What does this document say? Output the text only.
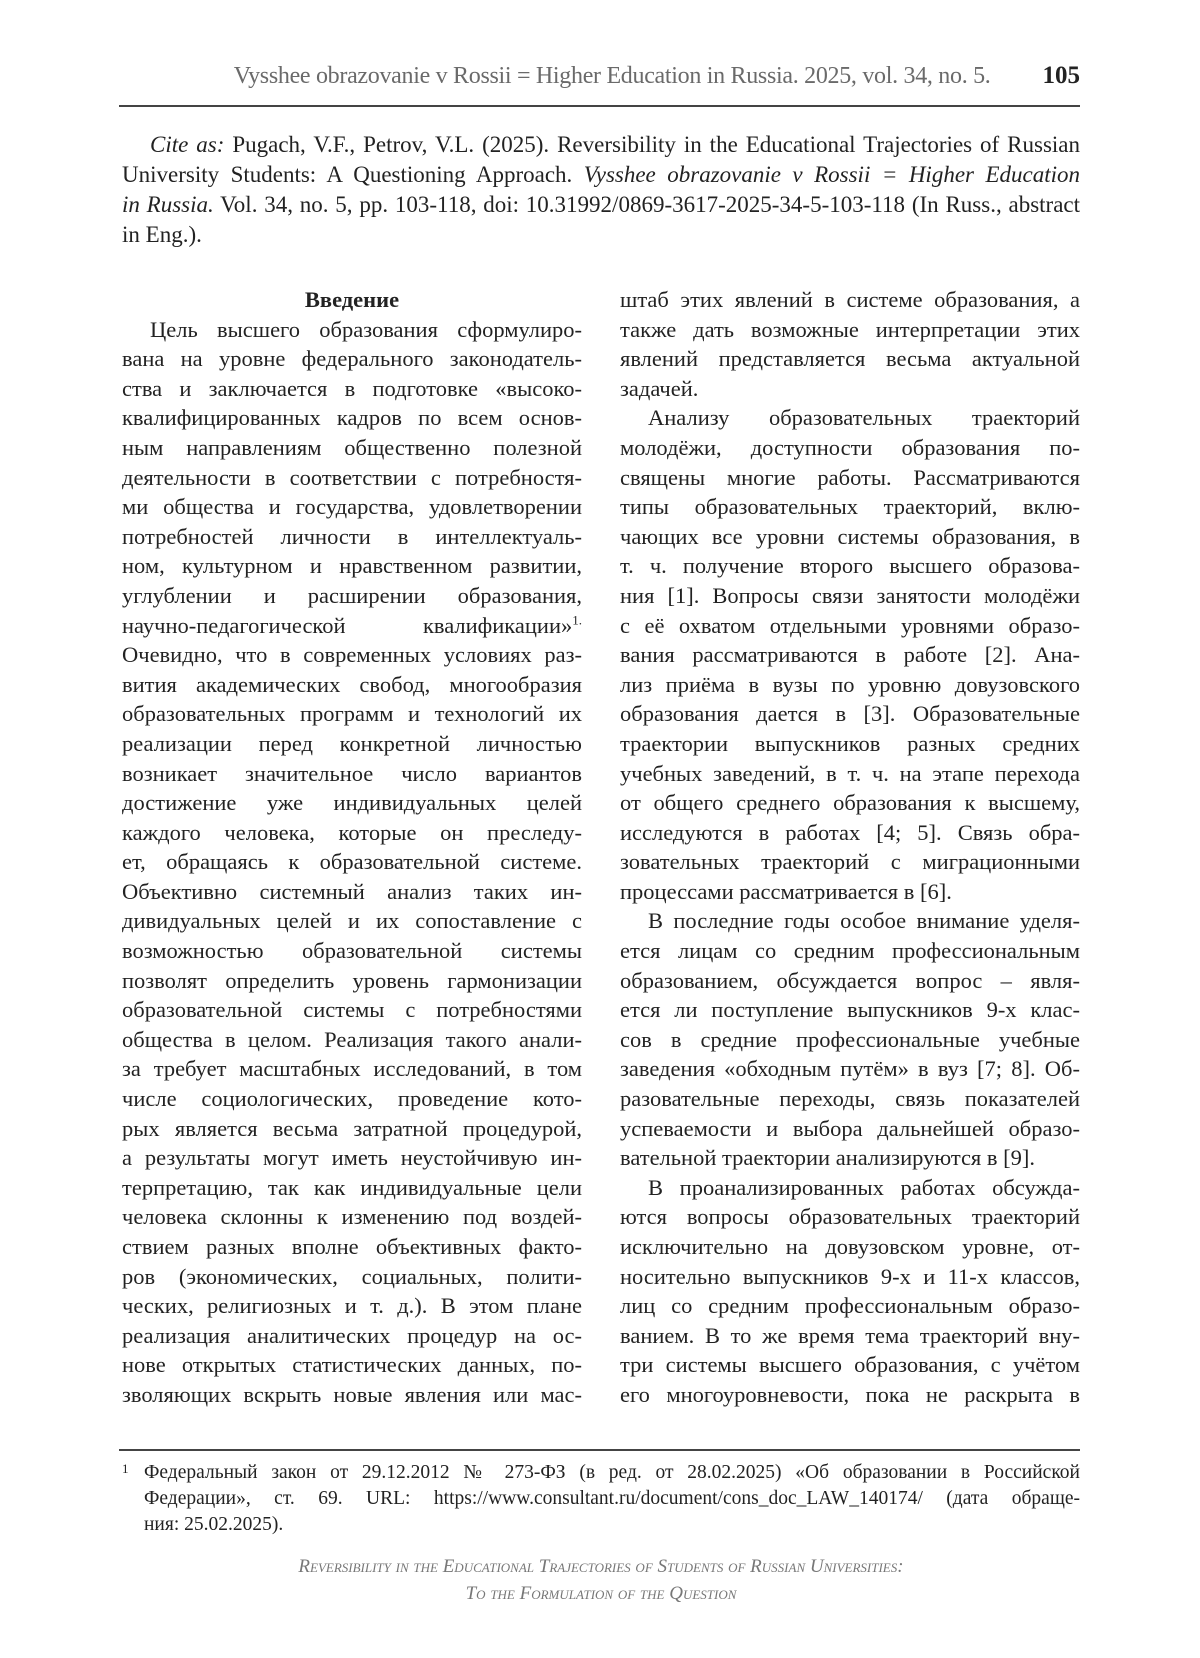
Vysshee obrazovanie v Rossii = Higher Education in Russia. 2025, vol. 34, no. 5. 105
Cite as: Pugach, V.F., Petrov, V.L. (2025). Reversibility in the Educational Trajectories of Russian
University Students: A Questioning Approach. Vysshee obrazovanie v Rossii = Higher Education
in Russia. Vol. 34, no. 5, pp. 103-118, doi: 10.31992/0869-3617-2025-34-5-103-118 (In Russ., abstract
in Eng.).
Введение
Цель высшего образования сформулиро-
вана на уровне федерального законодатель-
ства и заключается в подготовке «высоко-
квалифицированных кадров по всем основ-
ным направлениям общественно полезной
деятельности в соответствии с потребностя-
ми общества и государства, удовлетворении
потребностей личности в интеллектуаль-
ном, культурном и нравственном развитии,
углублении и расширении образования,
научно-педагогической квалификации»$^{1.}$
Очевидно, что в современных условиях раз-
вития академических свобод, многообразия
образовательных программ и технологий их
реализации перед конкретной личностью
возникает значительное число вариантов
достижение уже индивидуальных целей
каждого человека, которые он преследу-
ет, обращаясь к образовательной системе.
Объективно системный анализ таких ин-
дивидуальных целей и их сопоставление с
возможностью образовательной системы
позволят определить уровень гармонизации
образовательной системы с потребностями
общества в целом. Реализация такого анали-
за требует масштабных исследований, в том
числе социологических, проведение кото-
рых является весьма затратной процедурой,
а результаты могут иметь неустойчивую ин-
терпретацию, так как индивидуальные цели
человека склонны к изменению под воздей-
ствием разных вполне объективных факто-
ров (экономических, социальных, полити-
ческих, религиозных и т. д.). В этом плане
реализация аналитических процедур на ос-
нове открытых статистических данных, по-
зволяющих вскрыть новые явления или мас-
штаб этих явлений в системе образования, а
также дать возможные интерпретации этих
явлений представляется весьма актуальной
задачей.
Анализу образовательных траекторий
молодёжи, доступности образования по-
священы многие работы. Рассматриваются
типы образовательных траекторий, вклю-
чающих все уровни системы образования, в
т. ч. получение второго высшего образова-
ния [1]. Вопросы связи занятости молодёжи
с её охватом отдельными уровнями образо-
вания рассматриваются в работе [2]. Ана-
лиз приёма в вузы по уровню довузовского
образования дается в [3]. Образовательные
траектории выпускников разных средних
учебных заведений, в т. ч. на этапе перехода
от общего среднего образования к высшему,
исследуются в работах [4; 5]. Связь обра-
зовательных траекторий с миграционными
процессами рассматривается в [6].
В последние годы особое внимание уделя-
ется лицам со средним профессиональным
образованием, обсуждается вопрос – явля-
ется ли поступление выпускников 9-х клас-
сов в средние профессиональные учебные
заведения «обходным путём» в вуз [7; 8]. Об-
разовательные переходы, связь показателей
успеваемости и выбора дальнейшей образо-
вательной траектории анализируются в [9].
В проанализированных работах обсужда-
ются вопросы образовательных траекторий
исключительно на довузовском уровне, от-
носительно выпускников 9-х и 11-х классов,
лиц со средним профессиональным образо-
ванием. В то же время тема траекторий вну-
три системы высшего образования, с учётом
его многоуровневости, пока не раскрыта в
1 Федеральный закон от 29.12.2012 № 273-ФЗ (в ред. от 28.02.2025) «Об образовании в Российской
Федерации», ст. 69. URL: https://www.consultant.ru/document/cons_doc_LAW_140174/ (дата обраще-
ния: 25.02.2025).
Reversibility in the Educational Trajectories of Students of Russian Universities:
To the Formulation of the Question
